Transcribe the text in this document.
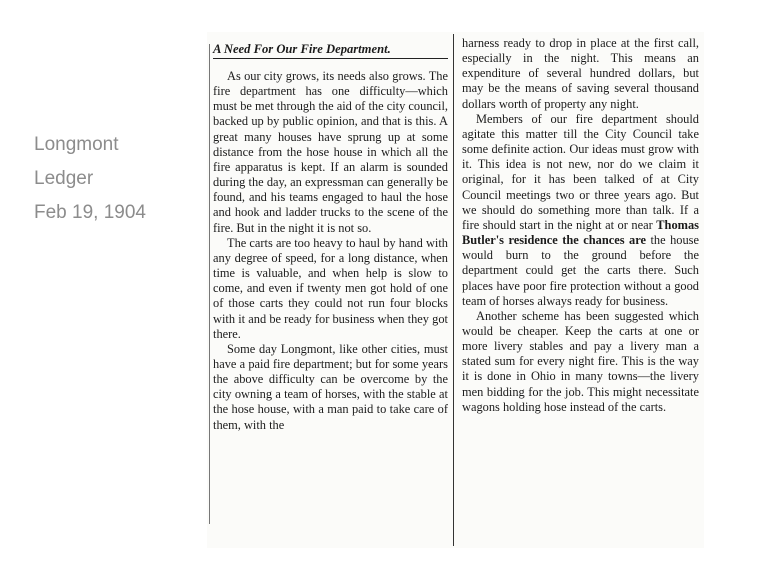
Longmont
Ledger
Feb 19, 1904
A Need For Our Fire Department.

As our city grows, its needs also grows. The fire department has one difficulty—which must be met through the aid of the city council, backed up by public opinion, and that is this. A great many houses have sprung up at some distance from the hose house in which all the fire apparatus is kept. If an alarm is sounded during the day, an expressman can generally be found, and his teams engaged to haul the hose and hook and ladder trucks to the scene of the fire. But in the night it is not so.

The carts are too heavy to haul by hand with any degree of speed, for a long distance, when time is valuable, and when help is slow to come, and even if twenty men got hold of one of those carts they could not run four blocks with it and be ready for business when they got there.

Some day Longmont, like other cities, must have a paid fire department; but for some years the above difficulty can be overcome by the city owning a team of horses, with the stable at the hose house, with a man paid to take care of them, with the

harness ready to drop in place at the first call, especially in the night. This means an expenditure of several hundred dollars, but may be the means of saving several thousand dollars worth of property any night.

Members of our fire department should agitate this matter till the City Council take some definite action. Our ideas must grow with it. This idea is not new, nor do we claim it original, for it has been talked of at City Council meetings two or three years ago. But we should do something more than talk. If a fire should start in the night at or near Thomas Butler's residence the chances are the house would burn to the ground before the department could get the carts there. Such places have poor fire protection without a good team of horses always ready for business.

Another scheme has been suggested which would be cheaper. Keep the carts at one or more livery stables and pay a livery man a stated sum for every night fire. This is the way it is done in Ohio in many towns—the livery men bidding for the job. This might necessitate wagons holding hose instead of the carts.
